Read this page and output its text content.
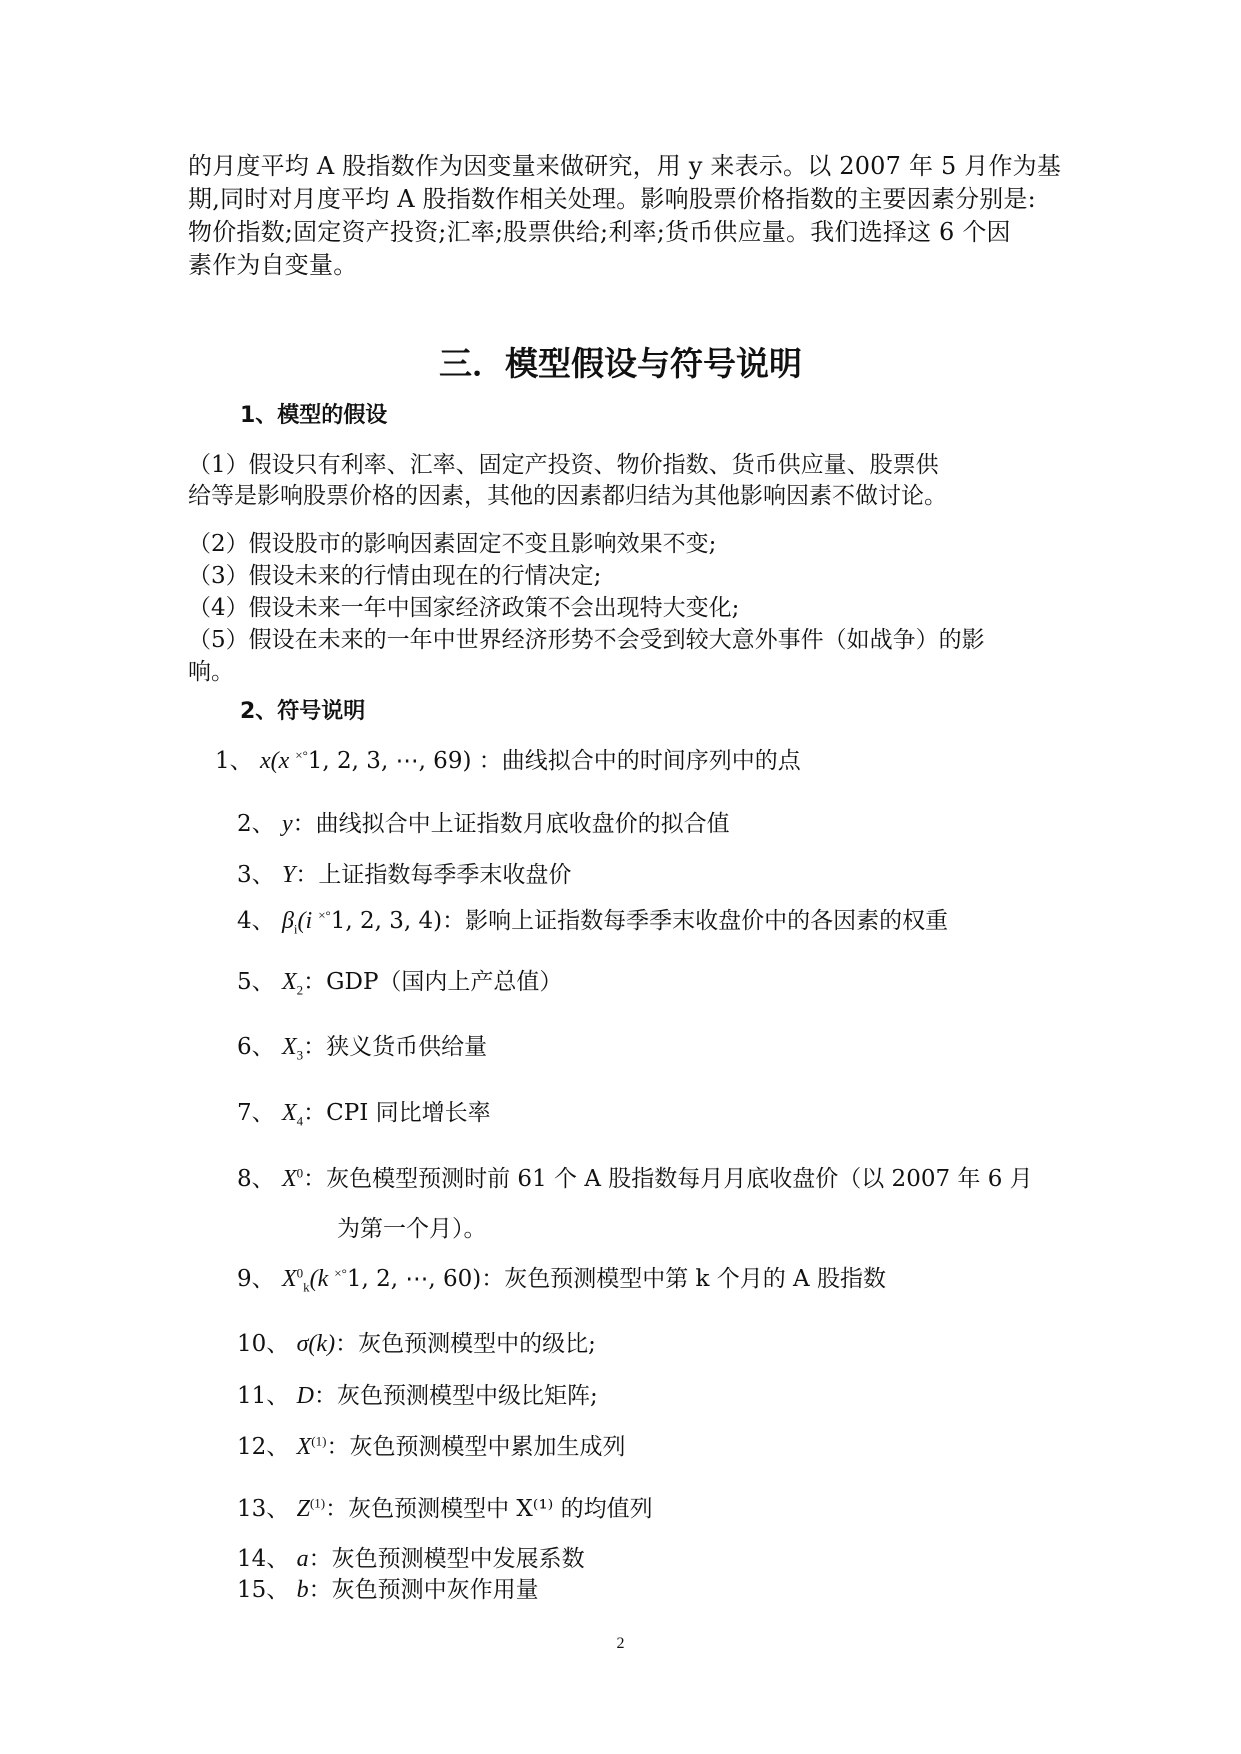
的月度平均 A 股指数作为因变量来做研究，用 y 来表示。以 2007 年 5 月作为基
期,同时对月度平均 A 股指数作相关处理。影响股票价格指数的主要因素分别是:
物价指数;固定资产投资;汇率;股票供给;利率;货币供应量。我们选择这 6 个因
素作为自变量。
三．模型假设与符号说明
1、模型的假设
（1）假设只有利率、汇率、固定产投资、物价指数、货币供应量、股票供
给等是影响股票价格的因素，其他的因素都归结为其他影响因素不做讨论。
（2）假设股市的影响因素固定不变且影响效果不变;
（3）假设未来的行情由现在的行情决定;
（4）假设未来一年中国家经济政策不会出现特大变化;
（5）假设在未来的一年中世界经济形势不会受到较大意外事件（如战争）的影
响。
2、符号说明
1、 x(x ×°1, 2, 3, ⋯, 69) ：曲线拟合中的时间序列中的点
2、 y：曲线拟合中上证指数月底收盘价的拟合值
3、 Y：上证指数每季季末收盘价
4、 $\beta_i(i$ ×°1, 2, 3, 4)：影响上证指数每季季末收盘价中的各因素的权重
5、 $X_2$：GDP（国内上产总值）
6、 $X_3$：狭义货币供给量
7、 $X_4$：CPI 同比增长率
8、 $X^0$：灰色模型预测时前 61 个 A 股指数每月月底收盘价（以 2007 年 6 月
为第一个月）。
9、 $X^0_k(k$ ×°1, 2, ⋯, 60)：灰色预测模型中第 k 个月的 A 股指数
10、 σ(k)：灰色预测模型中的级比;
11、 D：灰色预测模型中级比矩阵;
12、 $X^{(1)}$：灰色预测模型中累加生成列
13、 $Z^{(1)}$：灰色预测模型中 X⁽¹⁾ 的均值列
14、 a：灰色预测模型中发展系数
15、 b：灰色预测中灰作用量
2
